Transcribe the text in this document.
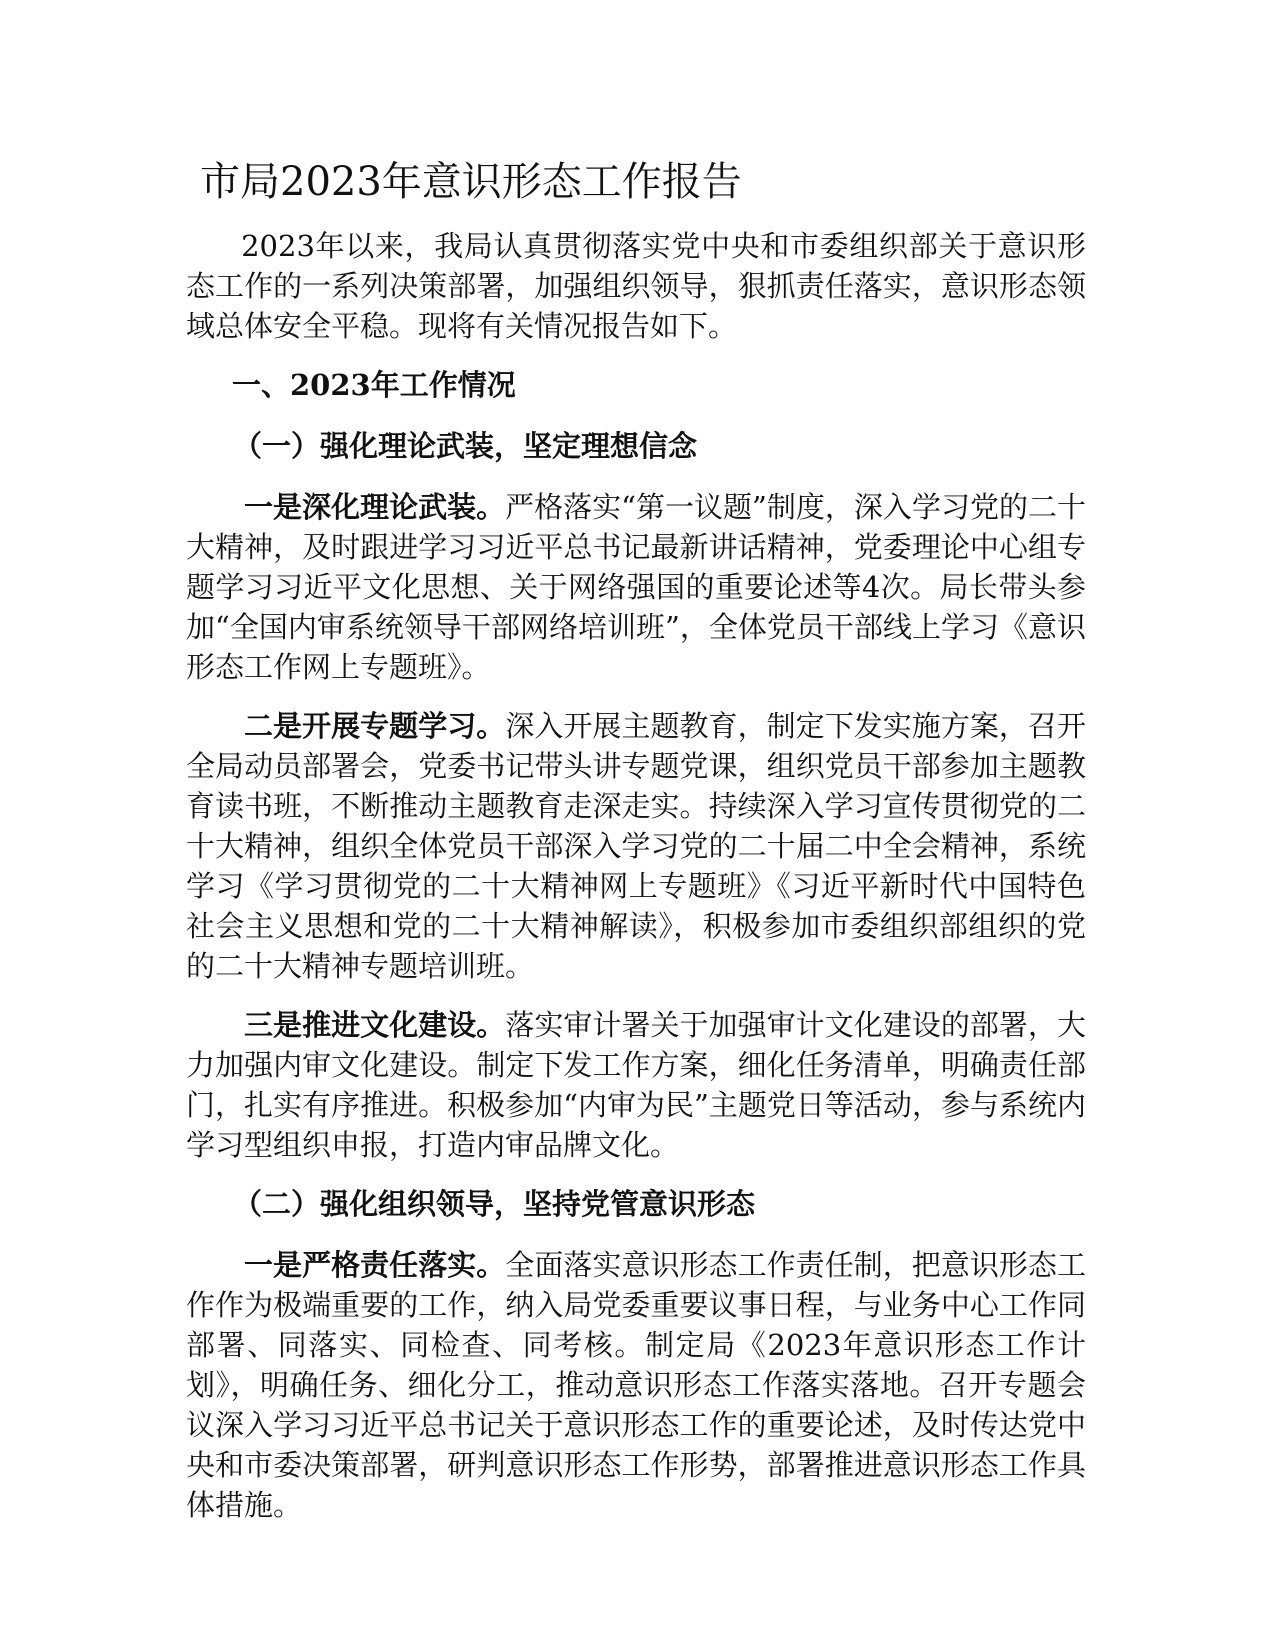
市局2023年意识形态工作报告

2023年以来，我局认真贯彻落实党中央和市委组织部关于意识形态工作的一系列决策部署，加强组织领导，狠抓责任落实，意识形态领域总体安全平稳。现将有关情况报告如下。

一、2023年工作情况

（一）强化理论武装，坚定理想信念

一是深化理论武装。严格落实“第一议题”制度，深入学习党的二十大精神，及时跟进学习习近平总书记最新讲话精神，党委理论中心组专题学习习近平文化思想、关于网络强国的重要论述等4次。局长带头参加“全国内审系统领导干部网络培训班”，全体党员干部线上学习《意识形态工作网上专题班》。

二是开展专题学习。深入开展主题教育，制定下发实施方案，召开全局动员部署会，党委书记带头讲专题党课，组织党员干部参加主题教育读书班，不断推动主题教育走深走实。持续深入学习宣传贯彻党的二十大精神，组织全体党员干部深入学习党的二十届二中全会精神，系统学习《学习贯彻党的二十大精神网上专题班》《习近平新时代中国特色社会主义思想和党的二十大精神解读》，积极参加市委组织部组织的党的二十大精神专题培训班。

三是推进文化建设。落实审计署关于加强审计文化建设的部署，大力加强内审文化建设。制定下发工作方案，细化任务清单，明确责任部门，扎实有序推进。积极参加“内审为民”主题党日等活动，参与系统内学习型组织申报，打造内审品牌文化。

（二）强化组织领导，坚持党管意识形态

一是严格责任落实。全面落实意识形态工作责任制，把意识形态工作作为极端重要的工作，纳入局党委重要议事日程，与业务中心工作同部署、同落实、同检查、同考核。制定局《2023年意识形态工作计划》，明确任务、细化分工，推动意识形态工作落实落地。召开专题会议深入学习习近平总书记关于意识形态工作的重要论述，及时传达党中央和市委决策部署，研判意识形态工作形势，部署推进意识形态工作具体措施。
